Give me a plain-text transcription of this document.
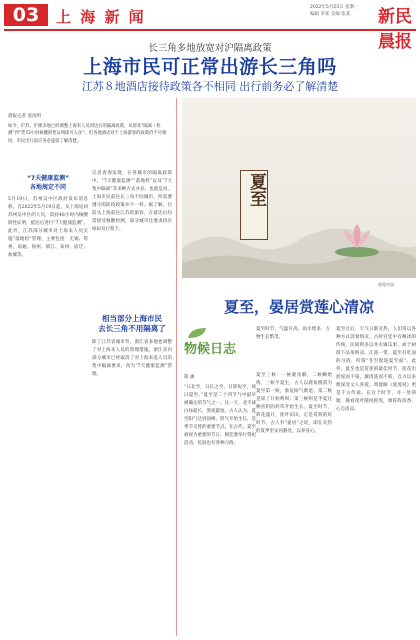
03	上 海 新 闻
2022年5月23日 星期一
编辑 李某 美编 张某	新民晨报
长三角多地放宽对沪隔离政策
上海市民可正常出游长三角吗
江苏８地酒店接待政策各不相同 出行前务必了解清楚
晨报记者 姜涛玥
如今，沪苏、沪浙多地已经调整上海来人员到达后的隔离政策，从原来“隔离＋检测”到“凭72小时核酸阴性证明即可入住”，但各地酒店对于上海游客的政策仍不尽相同，市民出行前应务必提前了解清楚。
“7天健康监测”
各地规定不同
5月19日，苏州吴中区政府发布消息称，自2022年5月19日起，从上海返回苏州吴中区的人员，需持48小时内核酸阴性证明，抵达后进行“7天健康监测”。此外，江苏部分城市对上海来人员实施“落地检”管理，主要包括：无锡、常州、南通、扬州、镇江、泰州、宿迁、盐城等。
记者查询发现，在各城市的隔离政策中，“7天健康监测”“落地检”以及“7天集中隔离”等多种方式并存。也就是说，上海市民前往长三角不同城市，所需要遵守的防疫政策并不一样。据了解，目前从上海前往江苏的旅客，在抵达后均需接受核酸检测，部分城市还要求持有绿码及行程卡。
相当部分上海市民
去长三角不用隔离了
除了江苏省城市外，浙江省多地也调整了对上海来人员的管理措施。浙江省内部分城市已经取消了对上海来返人员的集中隔离要求，改为“7天健康监测”管理。
夏至
视觉中国
夏至，晏居赏莲心清凉
物候日志
夏至时节，气温升高，雨水增多，万物生长繁茂。
简 涵
“日北至，日长之至，日影短至，故曰夏至。”夏至是二十四节气中最早被确定的节气之一。这一天，北半球白昼最长，黑夜最短。古人认为，夏至阳气达到顶峰，阴气开始生长，是季节交替的重要节点。在古代，夏至被视为重要的节日，朝廷要举行祭祀活动，民间也有各种习俗。
夏至三候：一候鹿角解，二候蜩始鸣，三候半夏生。古人以鹿角脱落为夏至第一候，象征阳气渐退；第二候是知了开始鸣叫；第三候则是半夏这种喜阴的药草开始生长。夏至时节，荷花盛开，莲叶田田，正是赏荷的好时节。古人有“晏居”之说，即在炎热的夏季里安居静处，以养身心。
夏至过后，天气日渐炎热，人们常以各种方式消暑纳凉。古时宫廷中有赐冰的传统，民间则多以井水镇瓜果，或于树荫下品茶纳凉。江南一带，夏至有吃面的习俗，所谓“冬至馄饨夏至面”。此外，夏至也是赏莲的最佳时节，莲花出淤泥而不染，濯清涟而不妖，自古以来便深受文人喜爱。周敦颐《爱莲说》更是千古传诵。在这个时节，寻一处荷塘，静看莲叶随风摇曳，闻阵阵清香，心自清凉。
